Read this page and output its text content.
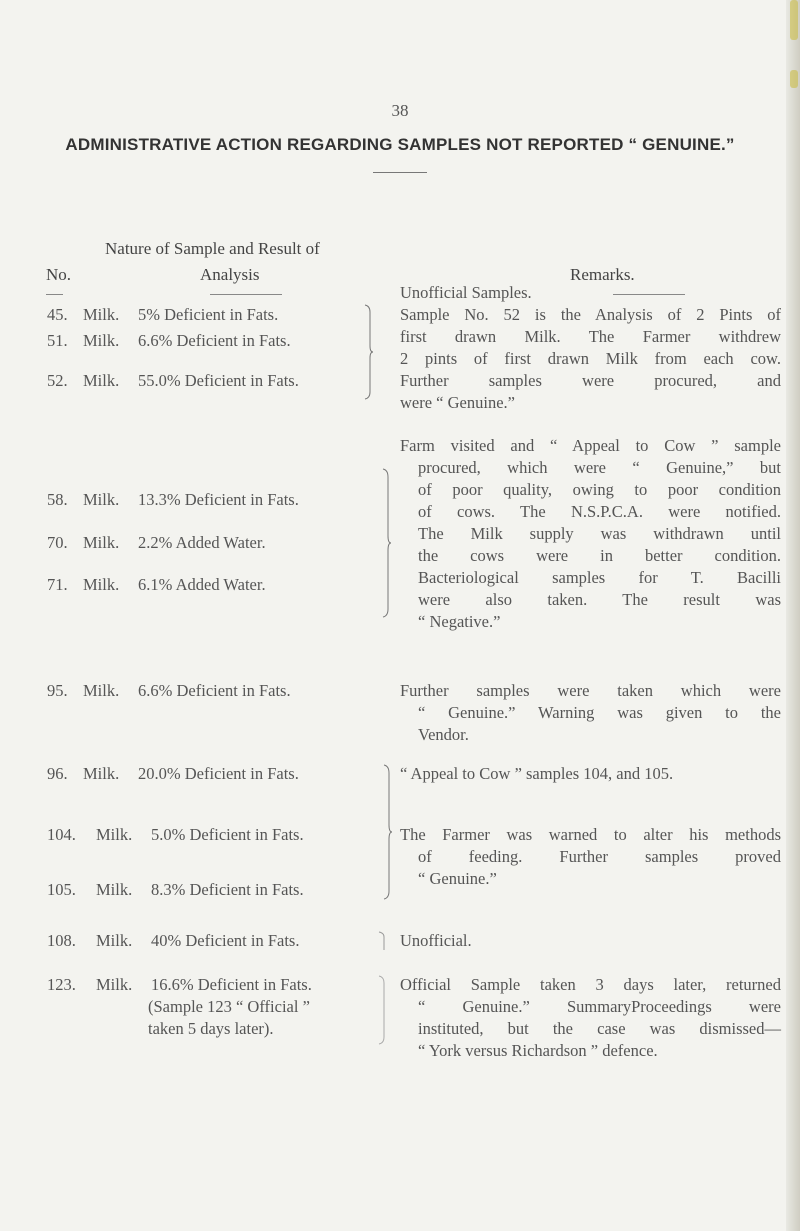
38
ADMINISTRATIVE ACTION REGARDING SAMPLES NOT REPORTED “ GENUINE.”
Nature of Sample and Result of
No.	Analysis	Remarks.
45. Milk. 5% Deficient in Fats.
51. Milk. 6.6% Deficient in Fats.
52. Milk. 55.0% Deficient in Fats.
58. Milk. 13.3% Deficient in Fats.
70. Milk. 2.2% Added Water.
71. Milk. 6.1% Added Water.
95. Milk. 6.6% Deficient in Fats.
96. Milk. 20.0% Deficient in Fats.
104. Milk. 5.0% Deficient in Fats.
105. Milk. 8.3% Deficient in Fats.
108. Milk. 40% Deficient in Fats.
123. Milk. 16.6% Deficient in Fats.
(Sample 123 “ Official ”
taken 5 days later).
Unofficial Samples.
Sample No. 52 is the Analysis of 2 Pints of
first drawn Milk. The Farmer withdrew
2 pints of first drawn Milk from each cow.
Further samples were procured, and
were “ Genuine.”
Farm visited and “ Appeal to Cow ” sample
procured, which were “ Genuine,” but
of poor quality, owing to poor condition
of cows. The N.S.P.C.A. were notified.
The Milk supply was withdrawn until
the cows were in better condition.
Bacteriological samples for T. Bacilli
were also taken. The result was
“ Negative.”
Further samples were taken which were
“ Genuine.” Warning was given to the
Vendor.
“ Appeal to Cow ” samples 104, and 105.
The Farmer was warned to alter his methods
of feeding. Further samples proved
“ Genuine.”
Unofficial.
Official Sample taken 3 days later, returned
“ Genuine.” SummaryProceedings were
instituted, but the case was dismissed—
“ York versus Richardson ” defence.
